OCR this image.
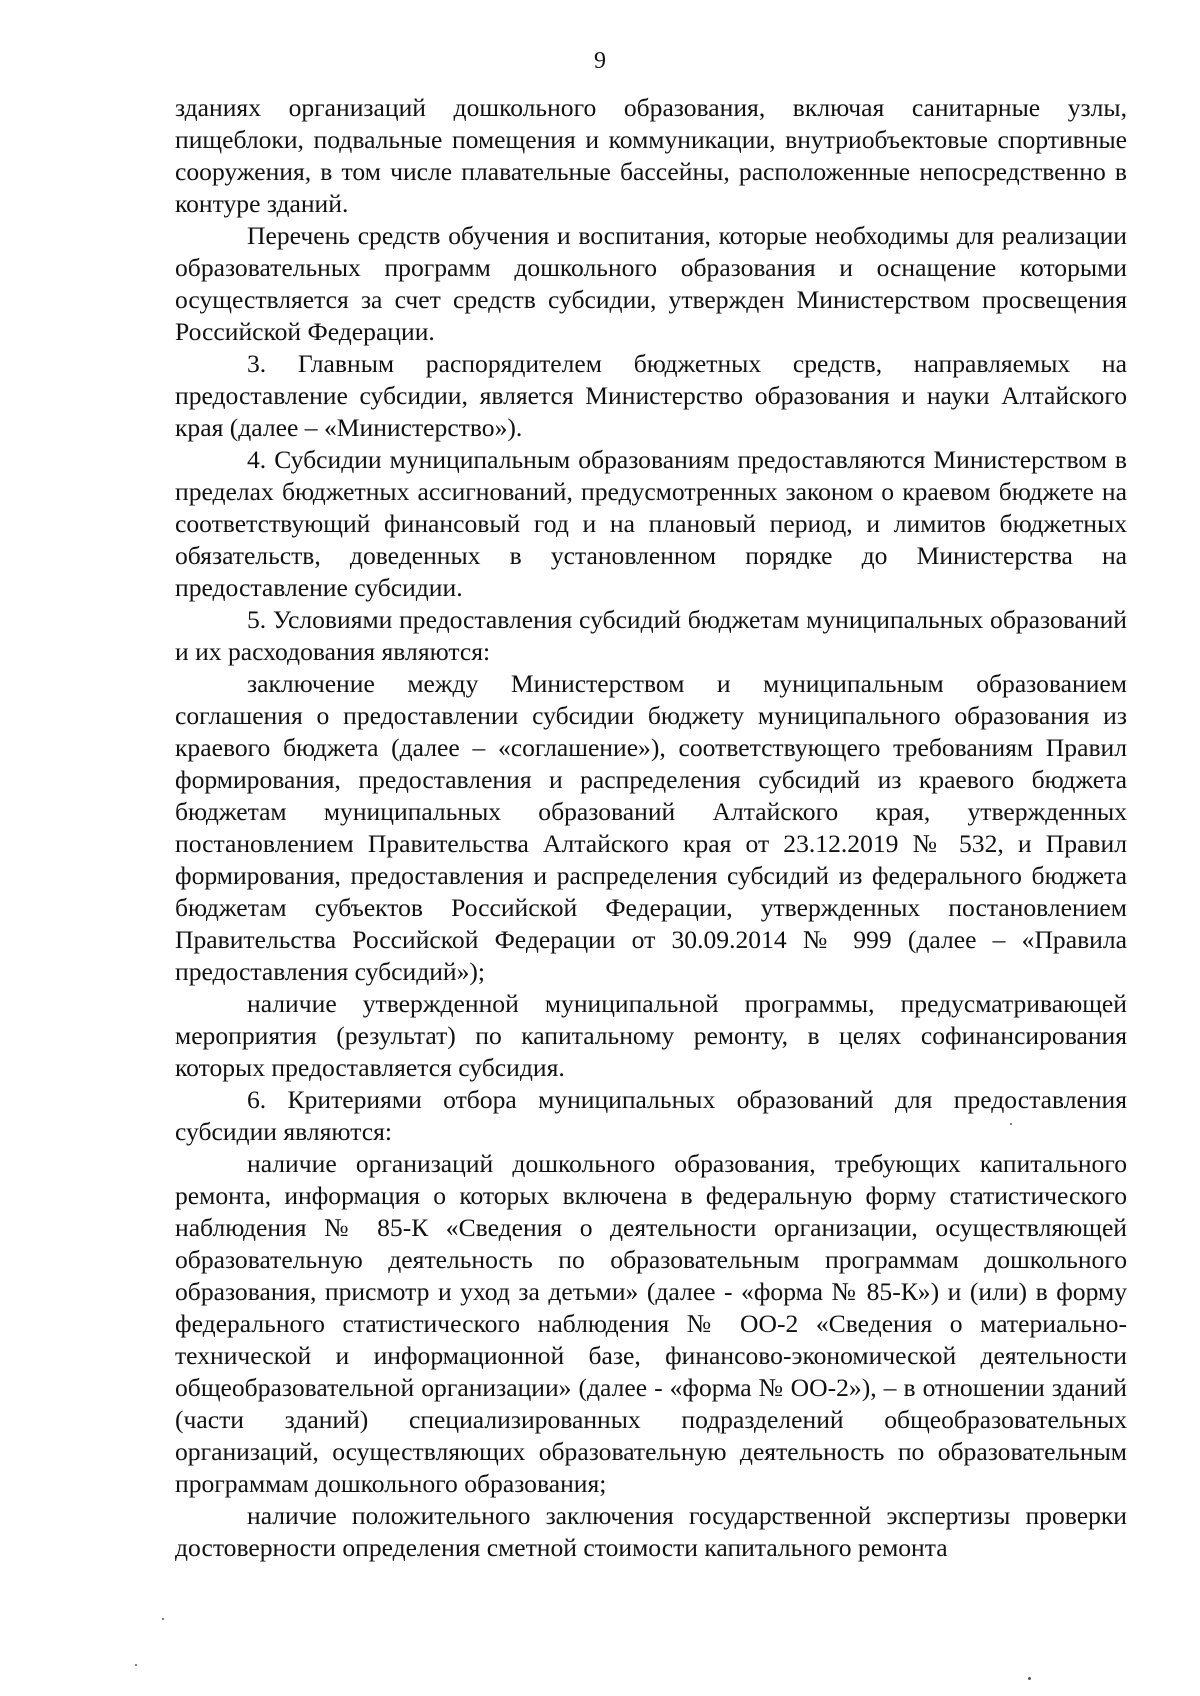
9

зданиях организаций дошкольного образования, включая санитарные узлы, пищеблоки, подвальные помещения и коммуникации, внутриобъектовые спортивные сооружения, в том числе плавательные бассейны, расположенные непосредственно в контуре зданий.

Перечень средств обучения и воспитания, которые необходимы для реализации образовательных программ дошкольного образования и оснащение которыми осуществляется за счет средств субсидии, утвержден Министерством просвещения Российской Федерации.

3. Главным распорядителем бюджетных средств, направляемых на предоставление субсидии, является Министерство образования и науки Алтайского края (далее – «Министерство»).

4. Субсидии муниципальным образованиям предоставляются Министерством в пределах бюджетных ассигнований, предусмотренных законом о краевом бюджете на соответствующий финансовый год и на плановый период, и лимитов бюджетных обязательств, доведенных в установленном порядке до Министерства на предоставление субсидии.

5. Условиями предоставления субсидий бюджетам муниципальных образований и их расходования являются:

заключение между Министерством и муниципальным образованием соглашения о предоставлении субсидии бюджету муниципального образования из краевого бюджета (далее – «соглашение»), соответствующего требованиям Правил формирования, предоставления и распределения субсидий из краевого бюджета бюджетам муниципальных образований Алтайского края, утвержденных постановлением Правительства Алтайского края от 23.12.2019 № 532, и Правил формирования, предоставления и распределения субсидий из федерального бюджета бюджетам субъектов Российской Федерации, утвержденных постановлением Правительства Российской Федерации от 30.09.2014 № 999 (далее – «Правила предоставления субсидий»);

наличие утвержденной муниципальной программы, предусматривающей мероприятия (результат) по капитальному ремонту, в целях софинансирования которых предоставляется субсидия.

6. Критериями отбора муниципальных образований для предоставления субсидии являются:

наличие организаций дошкольного образования, требующих капитального ремонта, информация о которых включена в федеральную форму статистического наблюдения № 85-К «Сведения о деятельности организации, осуществляющей образовательную деятельность по образовательным программам дошкольного образования, присмотр и уход за детьми» (далее - «форма № 85-К») и (или) в форму федерального статистического наблюдения № ОО-2 «Сведения о материально-технической и информационной базе, финансово-экономической деятельности общеобразовательной организации» (далее - «форма № ОО-2»), – в отношении зданий (части зданий) специализированных подразделений общеобразовательных организаций, осуществляющих образовательную деятельность по образовательным программам дошкольного образования;

наличие положительного заключения государственной экспертизы проверки достоверности определения сметной стоимости капитального ремонта
